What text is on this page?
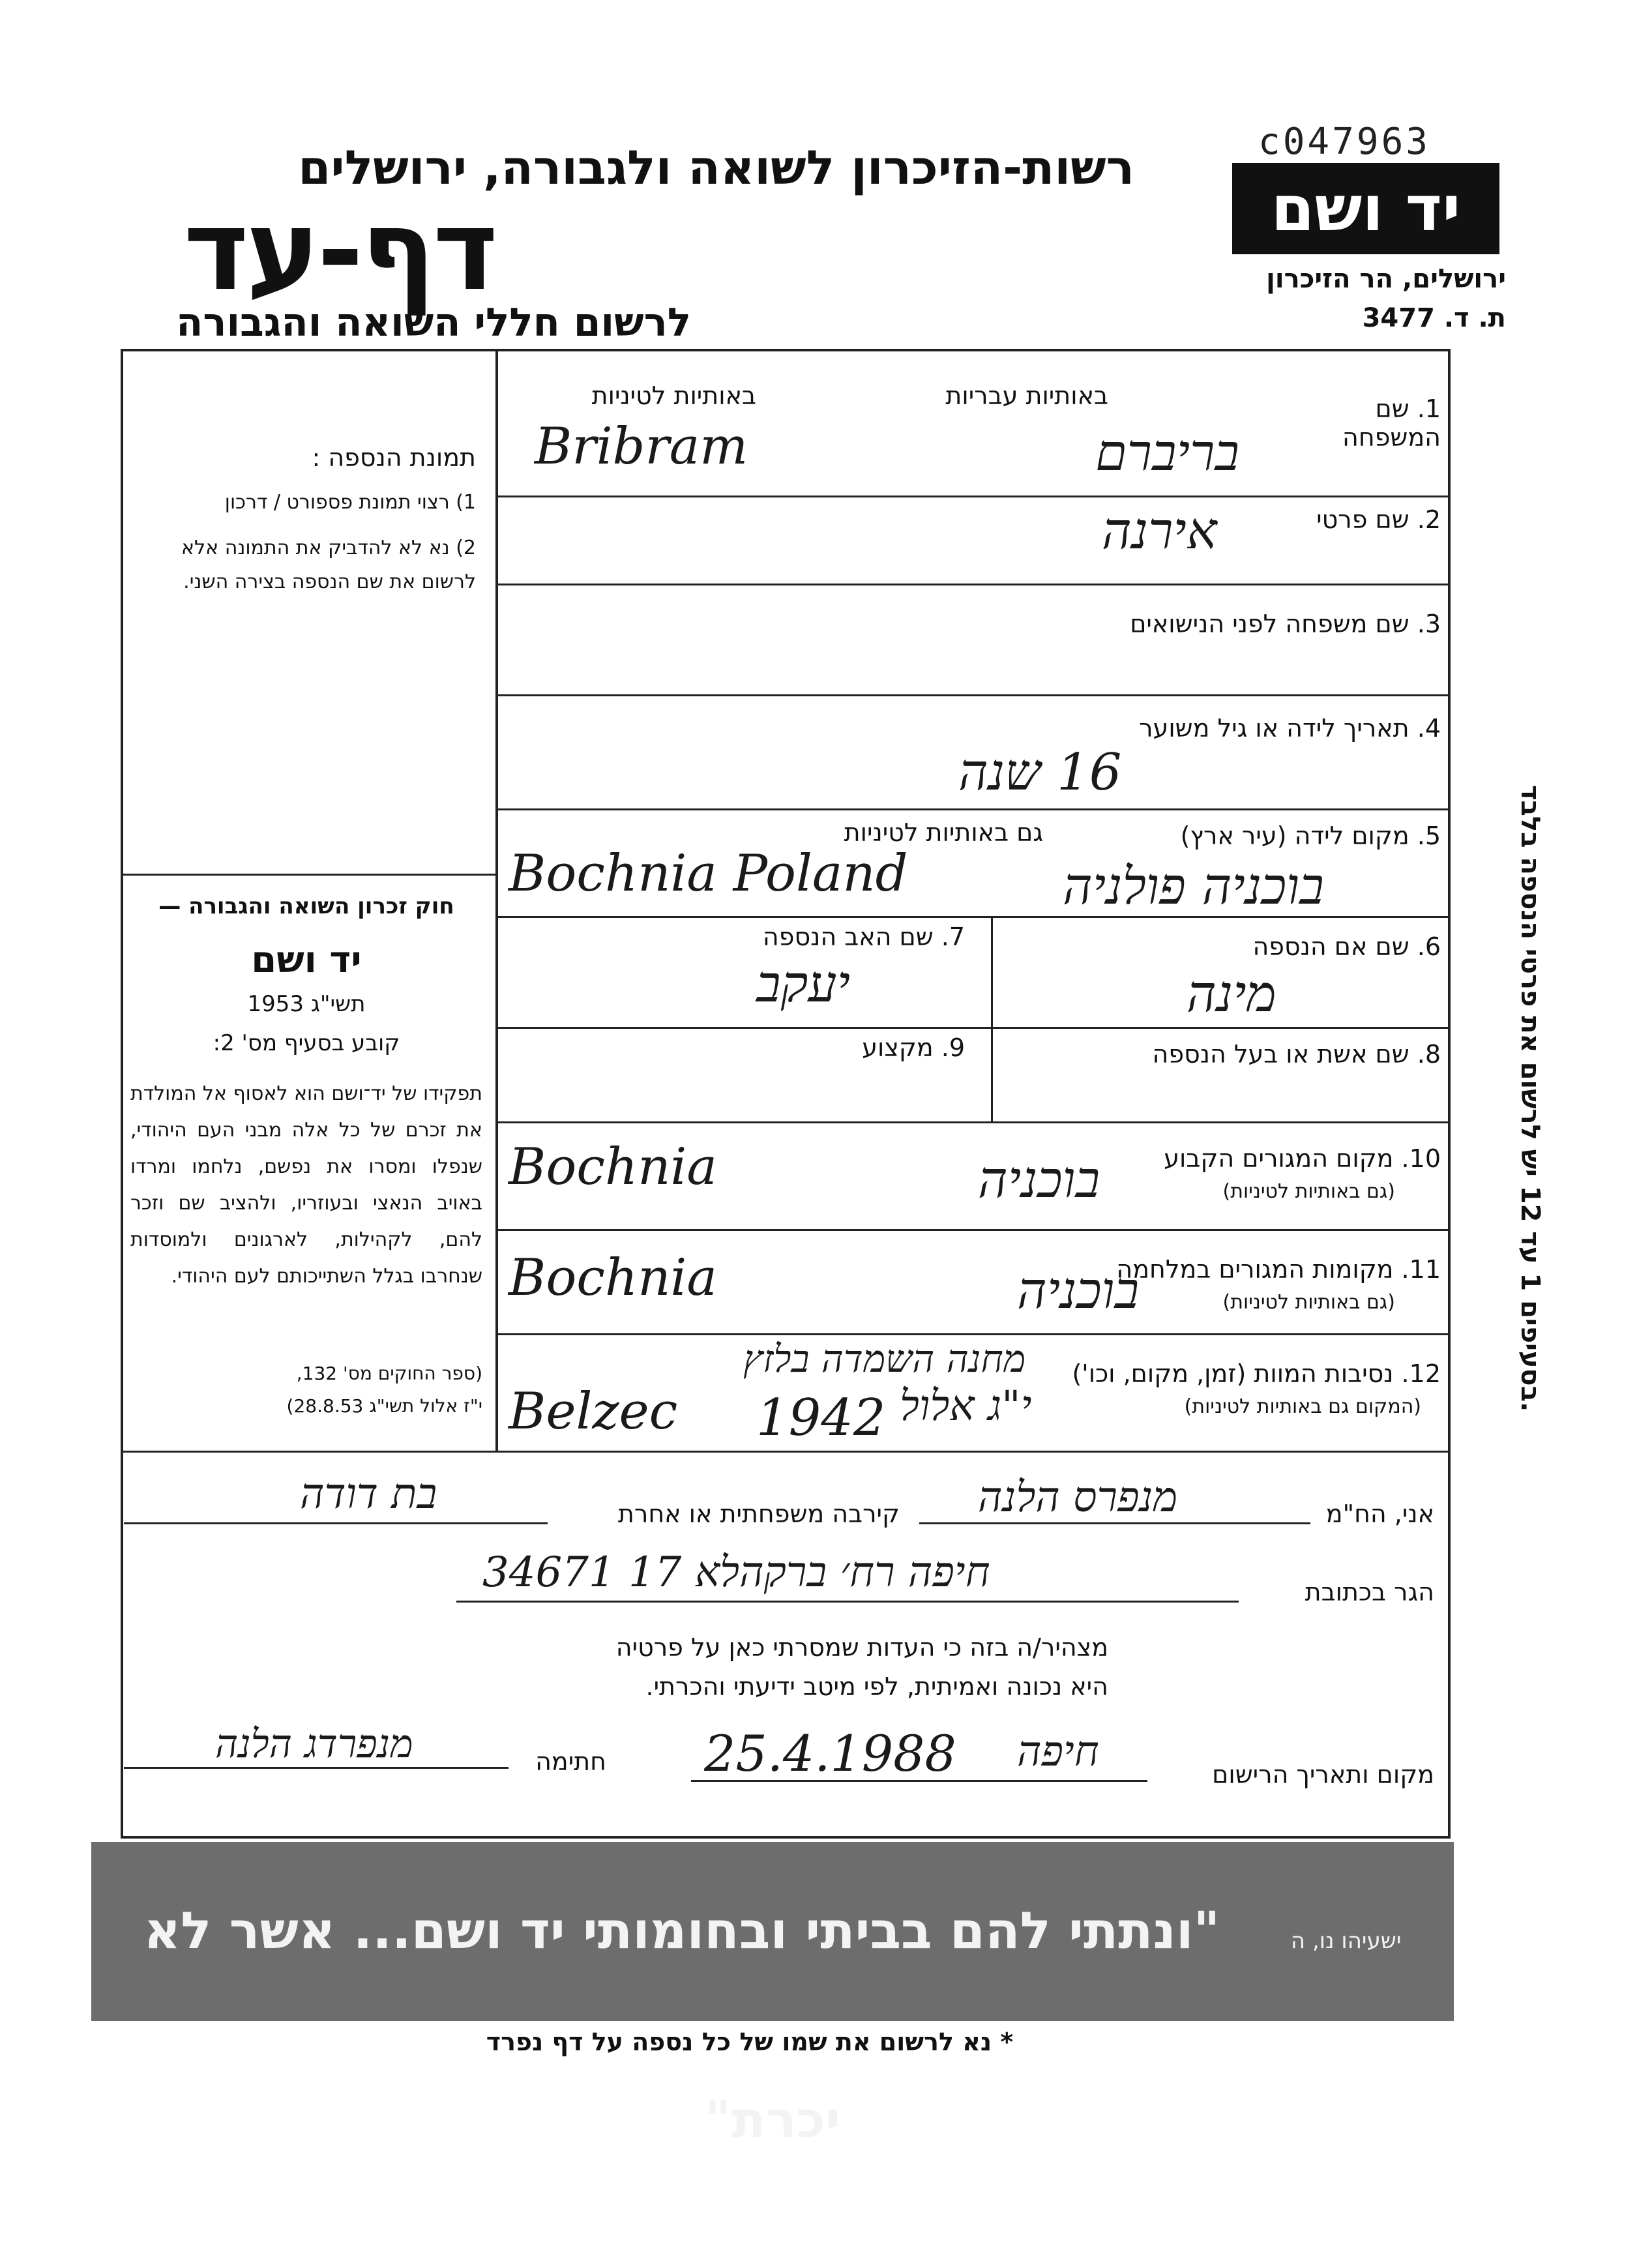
c047963
יד ושם
ירושלים, הר הזיכרון
ת. ד. 3477
רשות-הזיכרון לשואה ולגבורה, ירושלים
דף-עד
לרשום חללי השואה והגבורה
תמונת הנספה :
1) רצוי תמונת פספורט / דרכון
2) נא לא להדביק את התמונה אלא לרשום את שם הנספה בצירה השני.
חוק זכרון השואה והגבורה —
יד ושם
תשי"ג 1953
קובע בסעיף מס' 2:
תפקידו של יד־ושם הוא לאסוף אל המולדת את זכרם של כל אלה מבני העם היהודי, שנפלו ומסרו את נפשם, נלחמו ומרדו באויב הנאצי ובעוזריו, ולהציב שם וזכר להם, לקהילות, לארגונים ולמוסדות שנחרבו בגלל השתייכותם לעם היהודי.
(ספר החוקים מס' 132,
י"ז אלול תשי"ג 28.8.53)
1. שם המשפחה
באותיות עבריות
באותיות לטיניות
Bribram	בריברם
2. שם פרטי
אירנה
3. שם משפחה לפני הנישואים
4. תאריך לידה או גיל משוער
16 שנה
5. מקום לידה (עיר ארץ)
גם באותיות לטיניות
Bochnia Poland	בוכניה פולניה
6. שם אם הנספה
מינה
7. שם האב הנספה
יעקב
8. שם אשת או בעל הנספה
9. מקצוע
10. מקום המגורים הקבוע
(גם באותיות לטיניות)
Bochnia	בוכניה
11. מקומות המגורים במלחמה
(גם באותיות לטיניות)
Bochnia	בוכניה
12. נסיבות המוות (זמן, מקום, וכו')
(המקום גם באותיות לטיניות)
מחנה השמדה בלזץ
Belzec 1942 י"ג אלול
אני, הח"מ
מנפרס הלנה
קירבה משפחתית או אחרת
בת דודה
הגר בכתובת
חיפה רח׳ ברקהלא 17 34671
מצהיר/ה בזה כי העדות שמסרתי כאן על פרטיה
היא נכונה ואמיתית, לפי מיטב ידיעתי והכרתי.
מקום ותאריך הרישום
חיפה
25.4.1988
חתימה
מנפרדג הלנה
בסעיפים 1 עד 12 יש לרשום את פרטי הנספה בלבד.
ישעיהו נו, ה    "ונתתי להם בביתי ובחומותי יד ושם... אשר לא יכרת"
* נא לרשום את שמו של כל נספה על דף נפרד
